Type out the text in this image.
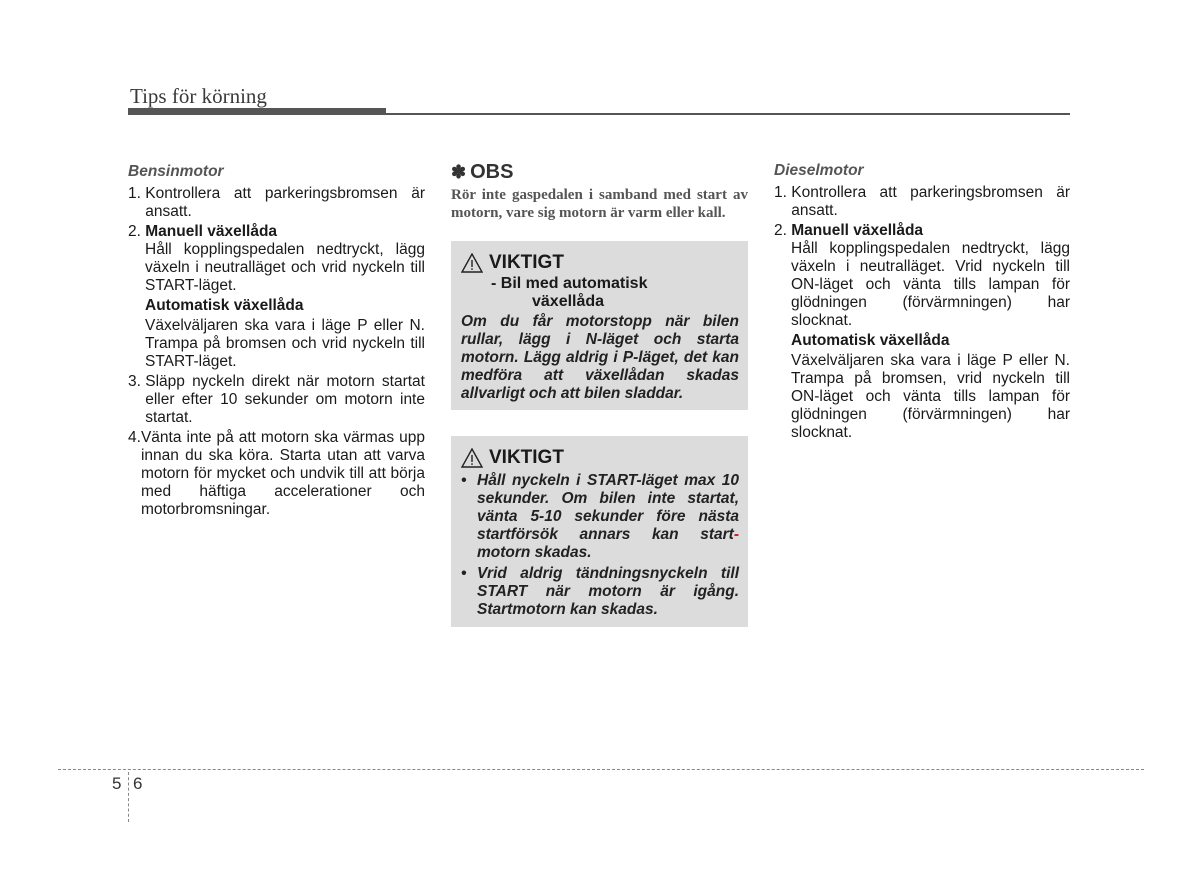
Tips för körning
Bensinmotor
1. Kontrollera att parkeringsbromsen är ansatt.
2. Manuell växellåda
Håll kopplingspedalen nedtryckt, lägg växeln i neutralläget och vrid nyckeln till START-läget.
Automatisk växellåda
Växelväljaren ska vara i läge P eller N. Trampa på bromsen och vrid nyckeln till START-läget.
3. Släpp nyckeln direkt när motorn startat eller efter 10 sekunder om motorn inte startat.
4. Vänta inte på att motorn ska värmas upp innan du ska köra. Starta utan att varva motorn för mycket och undvik till att börja med häftiga accelerationer och motorbromsningar.
✽ OBS
Rör inte gaspedalen i samband med start av motorn, vare sig motorn är varm eller kall.
VIKTIGT
- Bil med automatisk
växellåda
Om du får motorstopp när bilen rullar, lägg i N-läget och starta motorn. Lägg aldrig i P-läget, det kan medföra att växellådan skadas allvarligt och att bilen sladdar.
VIKTIGT
• Håll nyckeln i START-läget max 10 sekunder. Om bilen inte startat, vänta 5-10 sekunder före nästa startförsök annars kan start- motorn skadas.
• Vrid aldrig tändningsnyckeln till START när motorn är igång. Startmotorn kan skadas.
Dieselmotor
1. Kontrollera att parkeringsbromsen är ansatt.
2. Manuell växellåda
Håll kopplingspedalen nedtryckt, lägg växeln i neutralläget. Vrid nyckeln till ON-läget och vänta tills lampan för glödningen (förvärmningen) har slocknat.
Automatisk växellåda
Växelväljaren ska vara i läge P eller N. Trampa på bromsen, vrid nyckeln till ON-läget och vänta tills lampan för glödningen (förvärmningen) har slocknat.
5 6
